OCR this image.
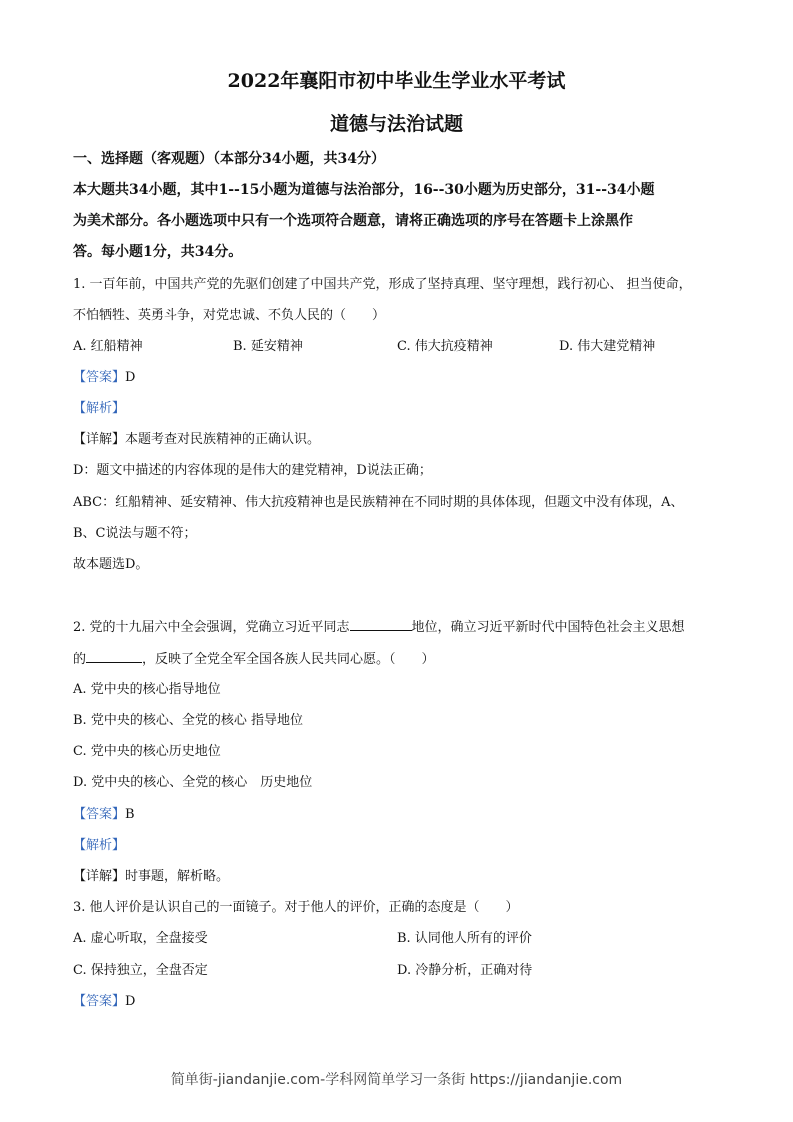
2022年襄阳市初中毕业生学业水平考试
道德与法治试题
一、选择题（客观题）（本部分34小题，共34分）
本大题共34小题，其中1--15小题为道德与法治部分，16--30小题为历史部分，31--34小题
为美术部分。各小题选项中只有一个选项符合题意，请将正确选项的序号在答题卡上涂黑作
答。每小题1分，共34分。
1. 一百年前，中国共产党的先驱们创建了中国共产党，形成了坚持真理、坚守理想，践行初心、 担当使命，
不怕牺牲、英勇斗争，对党忠诚、不负人民的（　　）
A. 红船精神	B. 延安精神	C. 伟大抗疫精神	D. 伟大建党精神
【答案】D
【解析】
【详解】本题考查对民族精神的正确认识。
D：题文中描述的内容体现的是伟大的建党精神，D说法正确；
ABC：红船精神、延安精神、伟大抗疫精神也是民族精神在不同时期的具体体现，但题文中没有体现，A、
B、C说法与题不符；
故本题选D。
2. 党的十九届六中全会强调，党确立习近平同志	地位，确立习近平新时代中国特色社会主义思想
的	，反映了全党全军全国各族人民共同心愿。（　　）
A. 党中央的核心指导地位
B. 党中央的核心、全党的核心 指导地位
C. 党中央的核心历史地位
D. 党中央的核心、全党的核心　历史地位
【答案】B
【解析】
【详解】时事题，解析略。
3. 他人评价是认识自己的一面镜子。对于他人的评价，正确的态度是（　　）
A. 虚心听取，全盘接受	B. 认同他人所有的评价
C. 保持独立，全盘否定	D. 冷静分析，正确对待
【答案】D
简单街-jiandanjie.com-学科网简单学习一条街 https://jiandanjie.com
